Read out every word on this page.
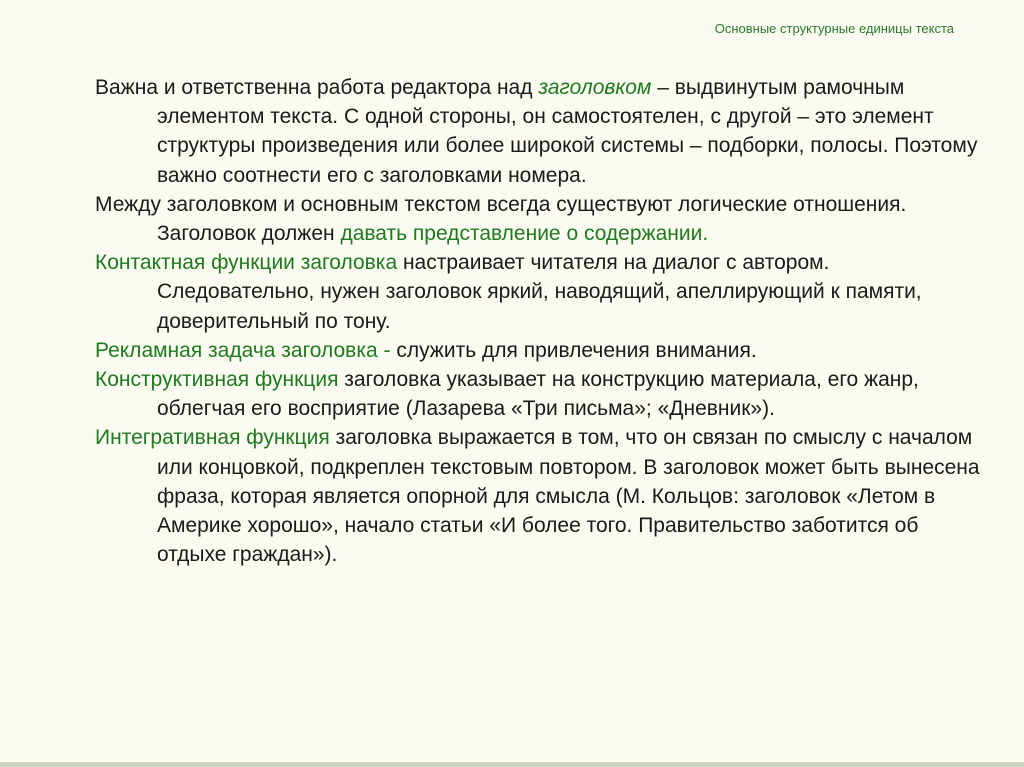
Основные структурные единицы текста

Важна и ответственна работа редактора над заголовком – выдвинутым рамочным элементом текста. С одной стороны, он самостоятелен, с другой – это элемент структуры произведения или более широкой системы – подборки, полосы. Поэтому важно соотнести его с заголовками номера.

Между заголовком и основным текстом всегда существуют логические отношения. Заголовок должен давать представление о содержании.

Контактная функции заголовка настраивает читателя на диалог с автором. Следовательно, нужен заголовок яркий, наводящий, апеллирующий к памяти, доверительный по тону.

Рекламная задача заголовка - служить для привлечения внимания.

Конструктивная функция заголовка указывает на конструкцию материала, его жанр, облегчая его восприятие (Лазарева «Три письма»; «Дневник»).

Интегративная функция заголовка выражается в том, что он связан по смыслу с началом или концовкой, подкреплен текстовым повтором. В заголовок может быть вынесена фраза, которая является опорной для смысла (М. Кольцов: заголовок «Летом в Америке хорошо», начало статьи «И более того. Правительство заботится об отдыхе граждан»).
